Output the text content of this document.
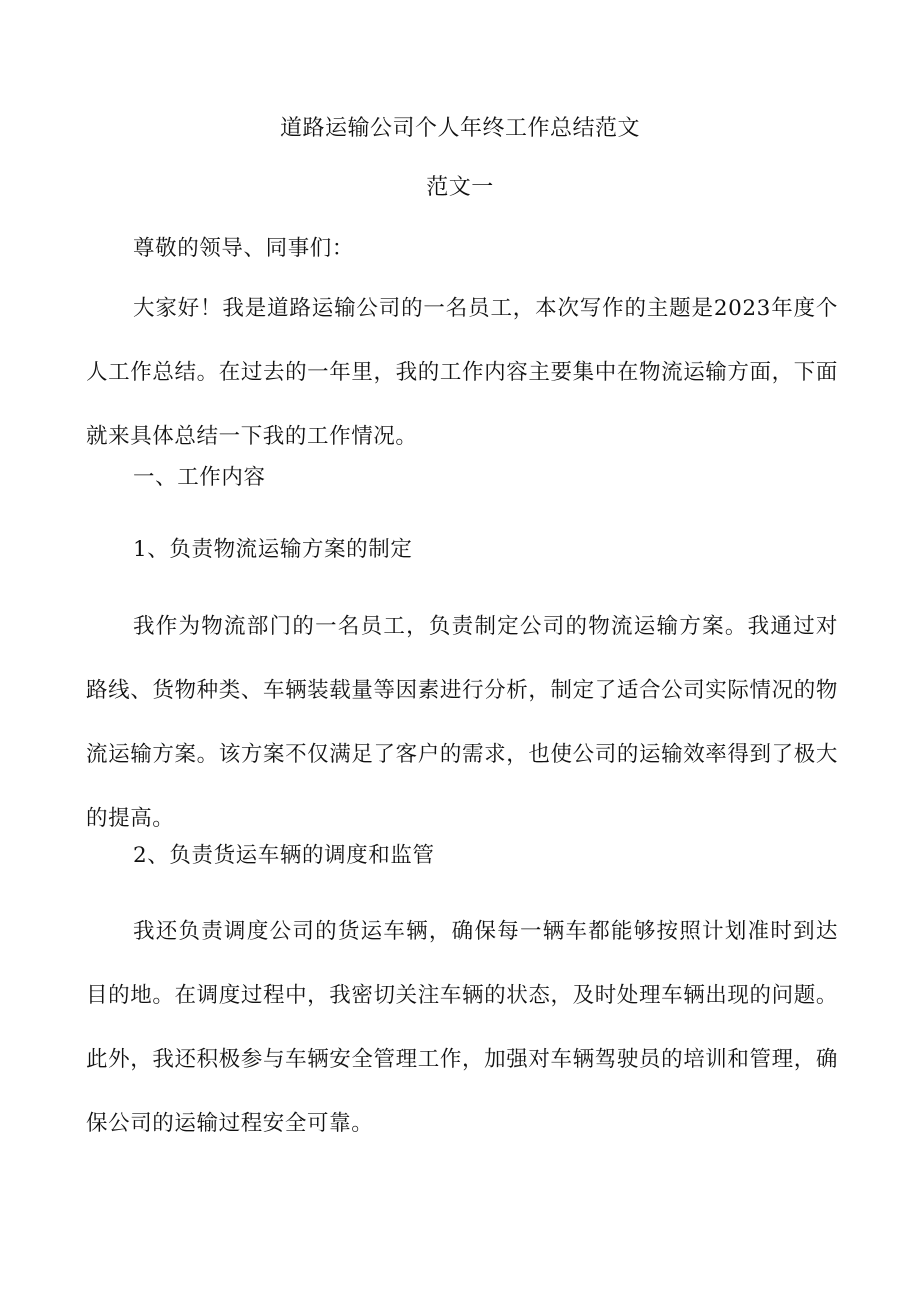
道路运输公司个人年终工作总结范文
范文一

尊敬的领导、同事们：

大家好！我是道路运输公司的一名员工，本次写作的主题是2023年度个人工作总结。在过去的一年里，我的工作内容主要集中在物流运输方面，下面就来具体总结一下我的工作情况。

一、工作内容

1、负责物流运输方案的制定

我作为物流部门的一名员工，负责制定公司的物流运输方案。我通过对路线、货物种类、车辆装载量等因素进行分析，制定了适合公司实际情况的物流运输方案。该方案不仅满足了客户的需求，也使公司的运输效率得到了极大的提高。

2、负责货运车辆的调度和监管

我还负责调度公司的货运车辆，确保每一辆车都能够按照计划准时到达目的地。在调度过程中，我密切关注车辆的状态，及时处理车辆出现的问题。此外，我还积极参与车辆安全管理工作，加强对车辆驾驶员的培训和管理，确保公司的运输过程安全可靠。
